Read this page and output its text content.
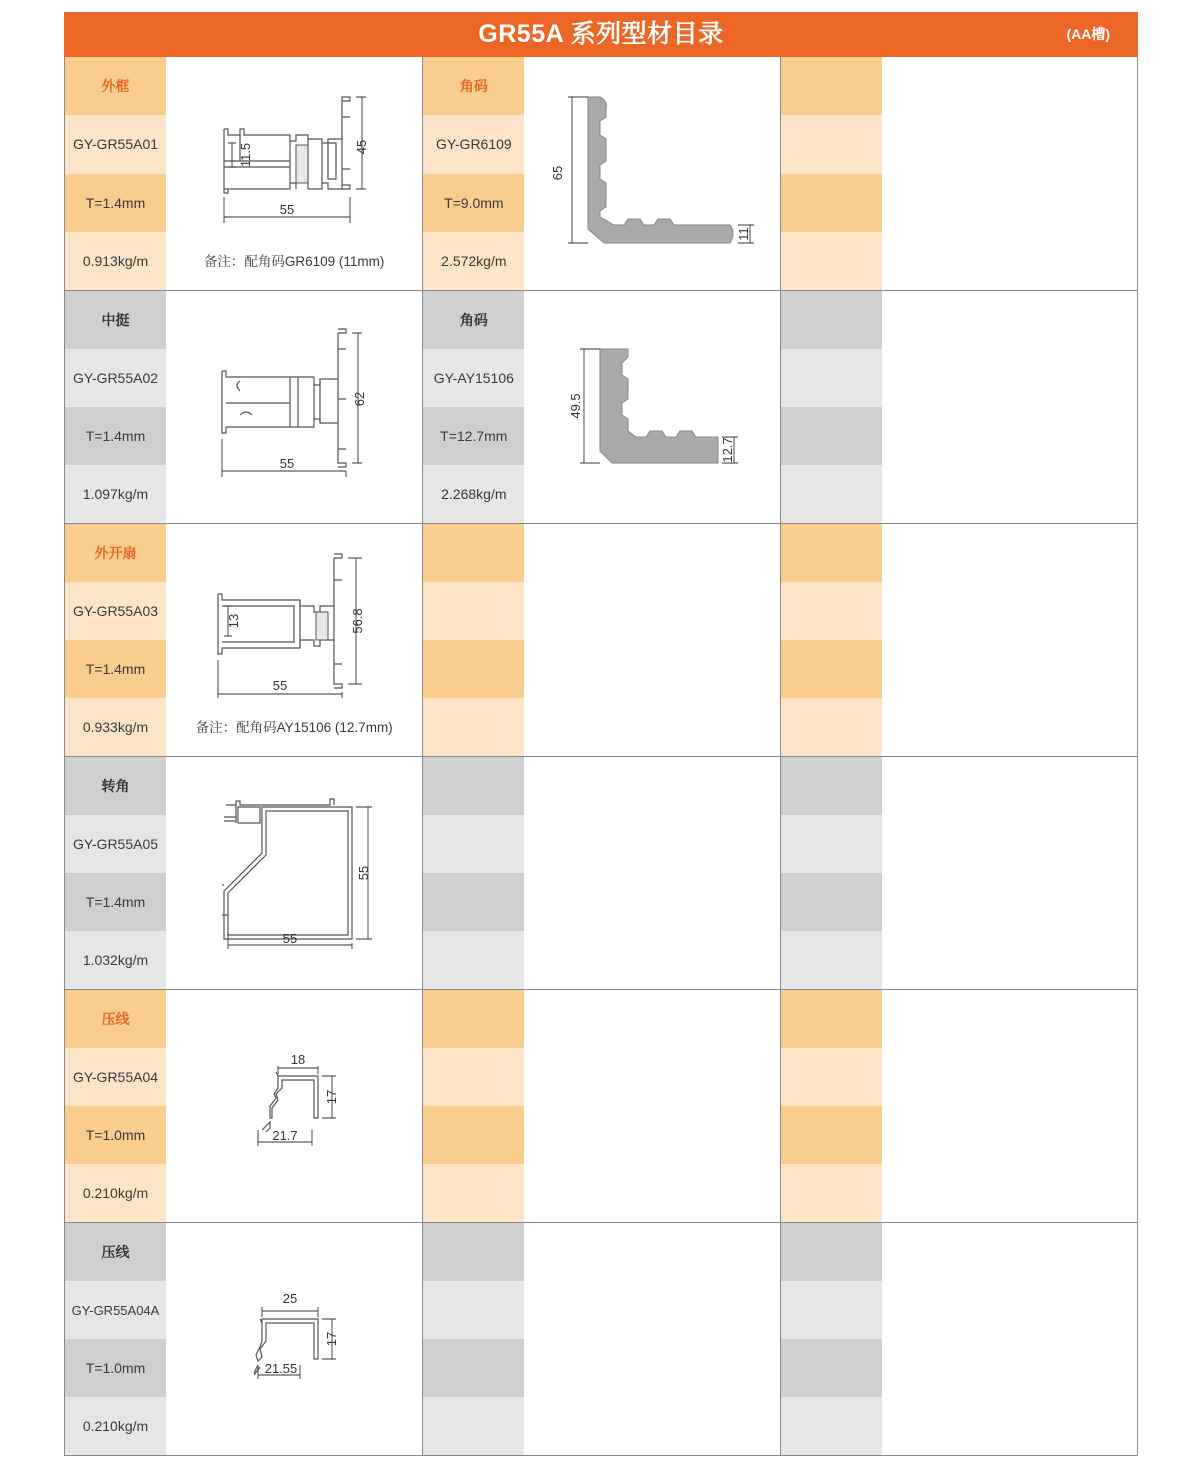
GR55A 系列型材目录	(AA槽)
外框
GY-GR55A01
T=1.4mm
0.913kg/m
45
11.5
55
备注：配角码GR6109 (11mm)
角码
GY-GR6109
T=9.0mm
2.572kg/m
65
11
中挺
GY-GR55A02
T=1.4mm
1.097kg/m
62
55
角码
GY-AY15106
T=12.7mm
2.268kg/m
49.5
12.7
外开扇
GY-GR55A03
T=1.4mm
0.933kg/m
56.8
13
55
备注：配角码AY15106 (12.7mm)
转角
GY-GR55A05
T=1.4mm
1.032kg/m
55
55
压线
GY-GR55A04
T=1.0mm
0.210kg/m
18
17
21.7
压线
GY-GR55A04A
T=1.0mm
0.210kg/m
25
17
21.55
